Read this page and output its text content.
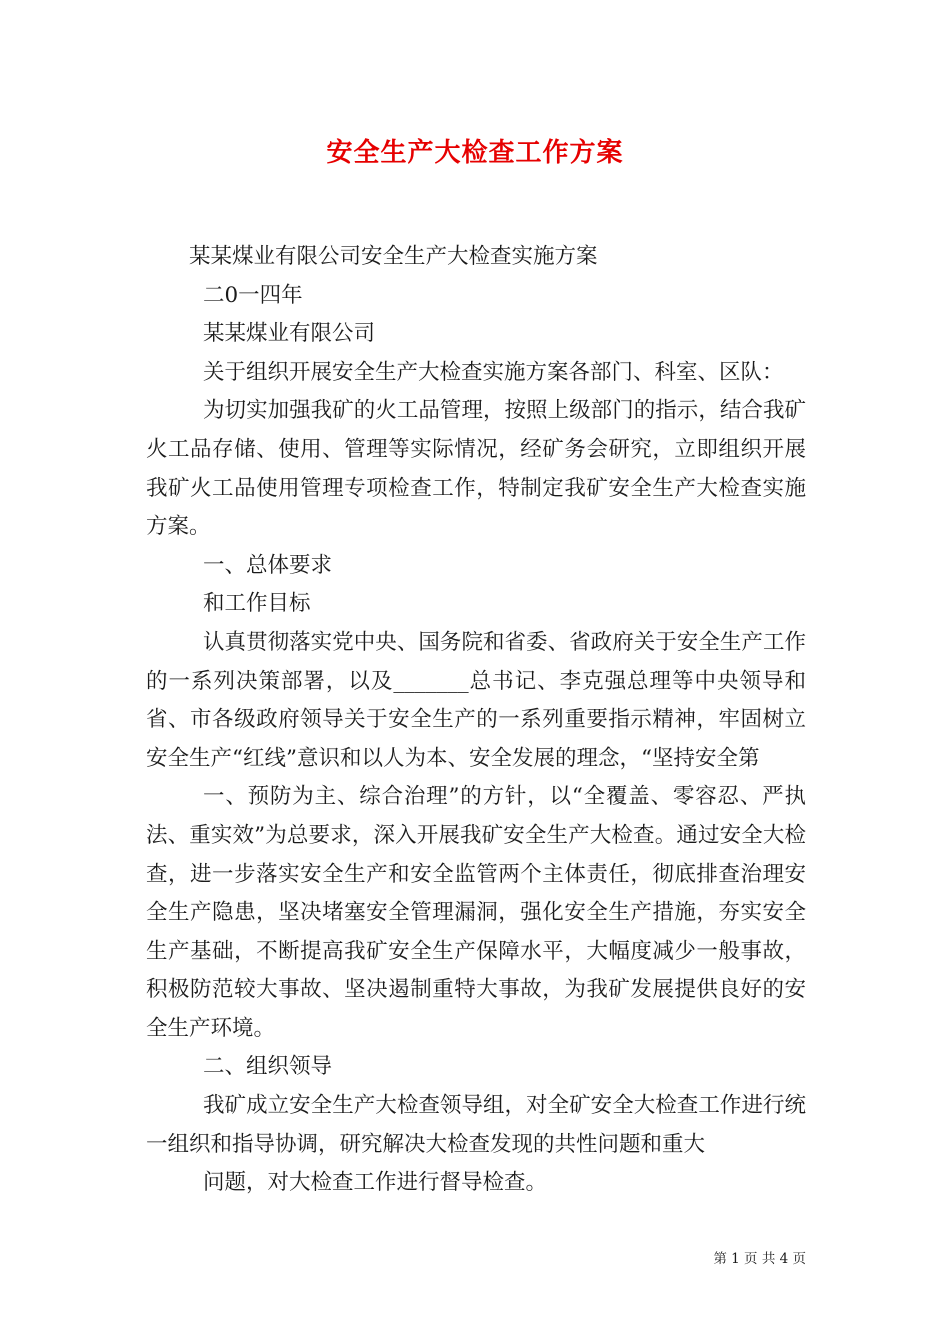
安全生产大检查工作方案

某某煤业有限公司安全生产大检查实施方案

二0一四年

某某煤业有限公司

关于组织开展安全生产大检查实施方案各部门、科室、区队：

为切实加强我矿的火工品管理，按照上级部门的指示，结合我矿火工品存储、使用、管理等实际情况，经矿务会研究，立即组织开展我矿火工品使用管理专项检查工作，特制定我矿安全生产大检查实施方案。

一、总体要求

和工作目标

认真贯彻落实党中央、国务院和省委、省政府关于安全生产工作的一系列决策部署，以及_______总书记、李克强总理等中央领导和省、市各级政府领导关于安全生产的一系列重要指示精神，牢固树立安全生产“红线”意识和以人为本、安全发展的理念，“坚持安全第

一、预防为主、综合治理”的方针，以“全覆盖、零容忍、严执法、重实效”为总要求，深入开展我矿安全生产大检查。通过安全大检查，进一步落实安全生产和安全监管两个主体责任，彻底排查治理安全生产隐患，坚决堵塞安全管理漏洞，强化安全生产措施，夯实安全生产基础，不断提高我矿安全生产保障水平，大幅度减少一般事故，积极防范较大事故、坚决遏制重特大事故，为我矿发展提供良好的安全生产环境。

二、组织领导

我矿成立安全生产大检查领导组，对全矿安全大检查工作进行统一组织和指导协调，研究解决大检查发现的共性问题和重大

问题，对大检查工作进行督导检查。

第 1 页 共 4 页
